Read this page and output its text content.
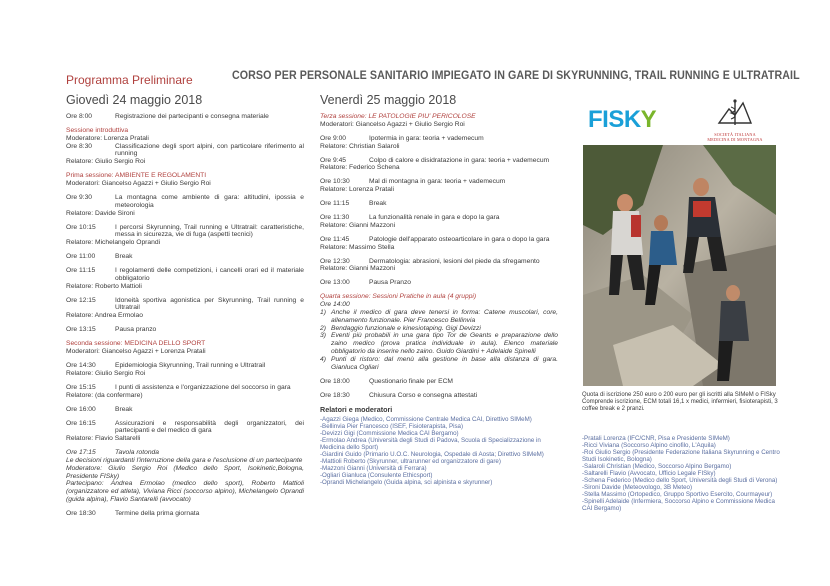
Programma Preliminare	CORSO PER PERSONALE SANITARIO IMPIEGATO IN GARE DI SKYRUNNING, TRAIL RUNNING E ULTRATRAIL
Giovedì 24 maggio 2018
Ore 8:00	Registrazione dei partecipanti e consegna materiale
Sessione introduttiva
Moderatore: Lorenza Pratali
Ore 8:30	Classificazione degli sport alpini, con particolare riferimento al running
Relatore: Giulio Sergio Roi
Prima sessione: AMBIENTE E REGOLAMENTI
Moderatori: Giancelso Agazzi + Giulio Sergio Roi
Ore 9:30	La montagna come ambiente di gara: altitudini, ipossia e meteorologia
Relatore: Davide Sironi
Ore 10:15	I percorsi Skyrunning, Trail running e Ultratrail: caratteristiche, messa in sicurezza, vie di fuga (aspetti tecnici)
Relatore: Michelangelo Oprandi
Ore 11:00	Break
Ore 11:15	I regolamenti delle competizioni, i cancelli orari ed il materiale obbligatorio
Relatore: Roberto Mattioli
Ore 12:15	Idoneità sportiva agonistica per Skyrunning, Trail running e Ultratrail
Relatore: Andrea Ermolao
Ore 13:15	Pausa pranzo
Seconda sessione: MEDICINA DELLO SPORT
Moderatori: Giancelso Agazzi + Lorenza Pratali
Ore 14:30	Epidemiologia Skyrunning, Trail running e Ultratrail
Relatore: Giulio Sergio Roi
Ore 15:15	I punti di assistenza e l'organizzazione del soccorso in gara
Relatore: (da confermare)
Ore 16:00	Break
Ore 16:15	Assicurazioni e responsabilità degli organizzatori, dei partecipanti e del medico di gara
Relatore: Flavio Saltarelli
Ore 17:15	Tavola rotonda
Le decisioni riguardanti l'interruzione della gara e l'esclusione di un partecipante
Moderatore: Giulio Sergio Roi (Medico dello Sport, Isokinetic,Bologna, Presidente FISky)
Partecipano: Andrea Ermolao (medico dello sport), Roberto Mattioli (organizzatore ed atleta), Viviana Ricci (soccorso alpino), Michelangelo Oprandi (guida alpina), Flavio Santarelli (avvocato)
Ore 18:30	Termine della prima giornata
Venerdì 25 maggio 2018
Terza sessione: LE PATOLOGIE PIU' PERICOLOSE
Moderatori: Giancelso Agazzi + Giulio Sergio Roi
Ore 9:00	Ipotermia in gara: teoria + vademecum
Relatore: Christian Salaroli
Ore 9:45	Colpo di calore e disidratazione in gara: teoria + vademecum
Relatore: Federico Schena
Ore 10:30	Mal di montagna in gara: teoria + vademecum
Relatore: Lorenza Pratali
Ore 11:15	Break
Ore 11:30	La funzionalità renale in gara e dopo la gara
Relatore: Gianni Mazzoni
Ore 11:45	Patologie dell'apparato osteoarticolare in gara o dopo la gara
Relatore: Massimo Stella
Ore 12:30	Dermatologia: abrasioni, lesioni del piede da sfregamento
Relatore: Gianni Mazzoni
Ore 13:00	Pausa Pranzo
Quarta sessione: Sessioni Pratiche in aula (4 gruppi)
Ore 14:00
1) Anche il medico di gara deve tenersi in forma: Catene muscolari, core, allenamento funzionale. Pier Francesco Bellinvia
2) Bendaggio funzionale e kinesiotaping. Gigi Devizzi
3) Eventi più probabili in una gara tipo Tor de Geants e preparazione dello zaino medico (prova pratica individuale in aula). Elenco materiale obbligatorio da inserire nello zaino. Guido Giardini + Adelaide Spinelli
4) Punti di ristoro: dal menù alla gestione in base alla distanza di gara. Gianluca Ogliari
Ore 18:00	Questionario finale per ECM
Ore 18:30	Chiusura Corso e consegna attestati
Relatori e moderatori
-Agazzi Giega (Medico, Commissione Centrale Medica CAI, Direttivo SIMeM)
-Bellinvia Pier Francesco (ISEF, Fisioterapista, Pisa)
-Devizzi Gigi (Commissione Medica CAI Bergamo)
-Ermolao Andrea (Università degli Studi di Padova, Scuola di Specializzazione in Medicina dello Sport)
-Giardini Guido (Primario U.O.C. Neurologia, Ospedale di Aosta; Direttivo SIMeM)
-Mattioli Roberto (Skyrunner, ultrarunner ed organizzatore di gare)
-Mazzoni Gianni (Università di Ferrara)
-Ogliari Gianluca (Consulente Ethicsport)
-Oprandi Michelangelo (Guida alpina, sci alpinista e skyrunner)
FISKY
SOCIETÀ ITALIANA
MEDICINA DI MONTAGNA
Quota di iscrizione 250 euro o 200 euro per gli iscritti alla SIMeM o FISky
Comprende iscrizione, ECM totali 16,1 x medici, infermieri, fisioterapisti, 3 coffee break e 2 pranzi.
-Pratali Lorenza (IFC/CNR, Pisa e Presidente SIMeM)
-Ricci Viviana (Soccorso Alpino cinofilo, L'Aquila)
-Roi Giulio Sergio (Presidente Federazione Italiana Skyrunning e Centro Studi Isokinetic, Bologna)
-Salaroli Christian (Medico, Soccorso Alpino Bergamo)
-Saltarelli Flavio (Avvocato, Ufficio Legale FISky)
-Schena Federico (Medico dello Sport, Università degli Studi di Verona)
-Sironi Davide (Meteovologo, 3B Meteo)
-Stella Massimo (Ortopedico, Gruppo Sportivo Esercito, Courmayeur)
-Spinelli Adelaide (Infermiera, Soccorso Alpino e Commissione Medica CAI Bergamo)
